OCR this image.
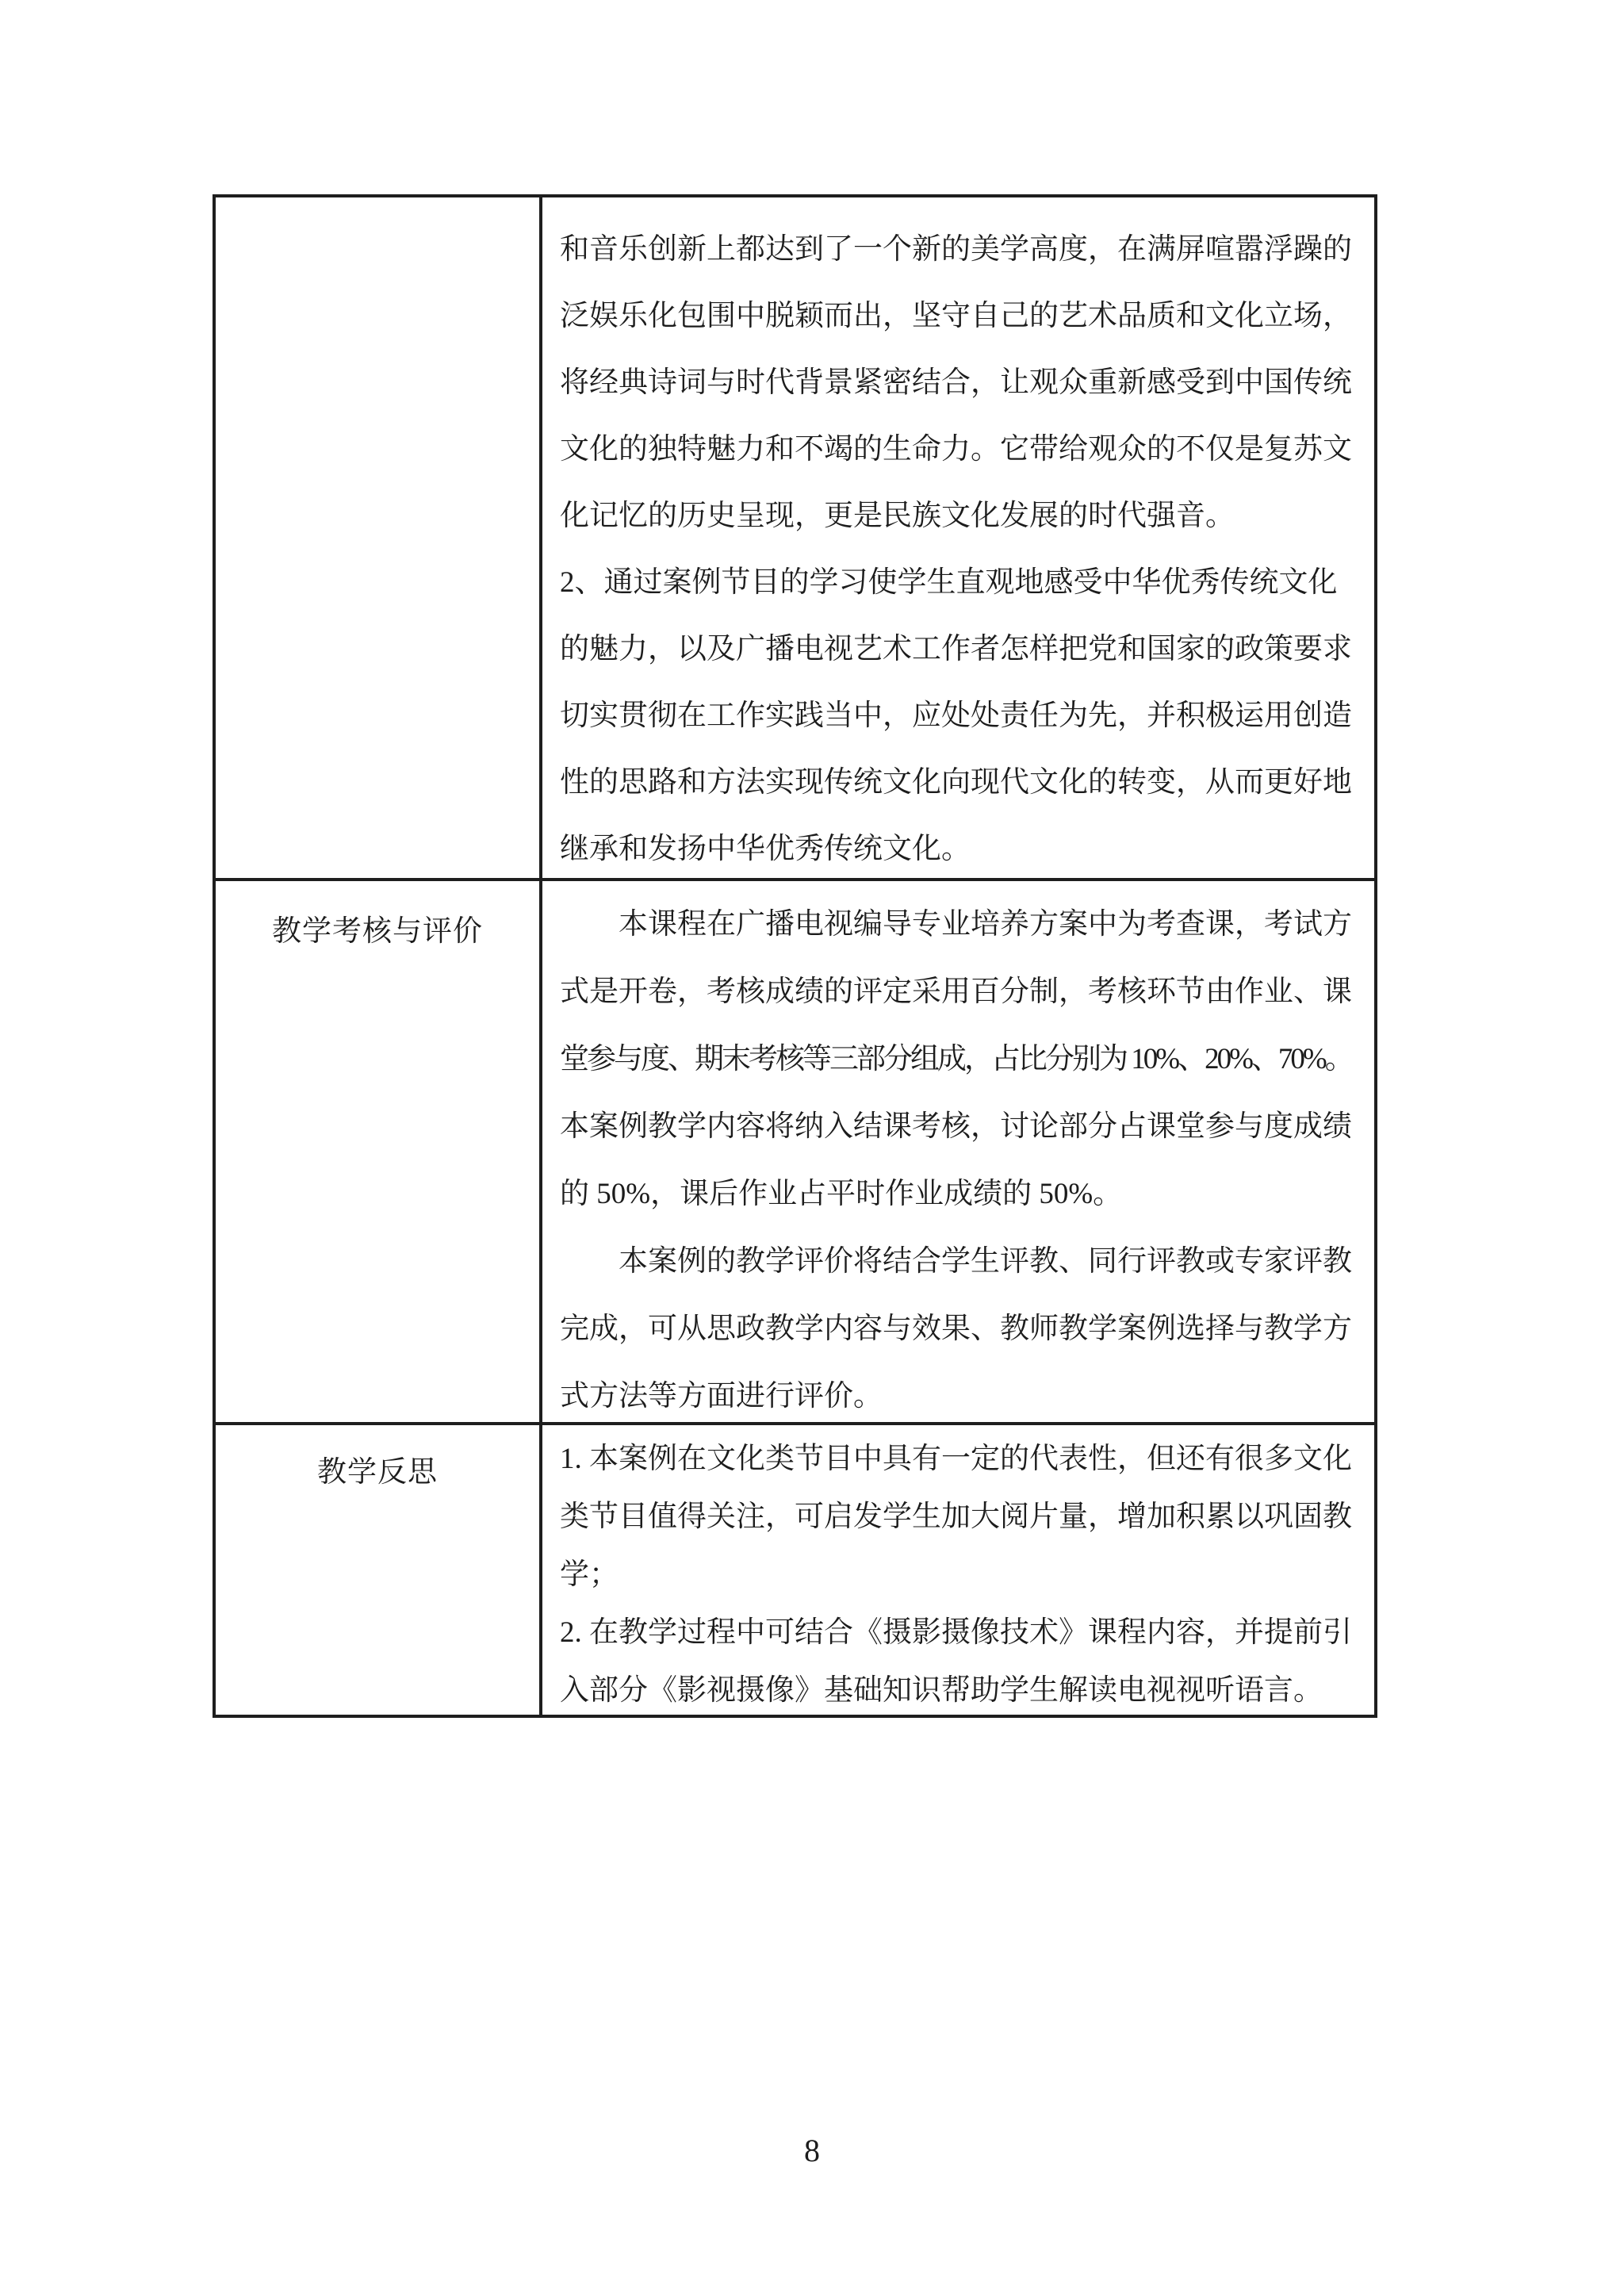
和音乐创新上都达到了一个新的美学高度，在满屏喧嚣浮躁的
泛娱乐化包围中脱颖而出，坚守自己的艺术品质和文化立场，
将经典诗词与时代背景紧密结合，让观众重新感受到中国传统
文化的独特魅力和不竭的生命力。它带给观众的不仅是复苏文
化记忆的历史呈现，更是民族文化发展的时代强音。
2、通过案例节目的学习使学生直观地感受中华优秀传统文化
的魅力，以及广播电视艺术工作者怎样把党和国家的政策要求
切实贯彻在工作实践当中，应处处责任为先，并积极运用创造
性的思路和方法实现传统文化向现代文化的转变，从而更好地
继承和发扬中华优秀传统文化。

教学考核与评价	本课程在广播电视编导专业培养方案中为考查课，考试方
式是开卷，考核成绩的评定采用百分制，考核环节由作业、课
堂参与度、期末考核等三部分组成，占比分别为 10%、20%、70%。
本案例教学内容将纳入结课考核，讨论部分占课堂参与度成绩
的 50%，课后作业占平时作业成绩的 50%。
本案例的教学评价将结合学生评教、同行评教或专家评教
完成，可从思政教学内容与效果、教师教学案例选择与教学方
式方法等方面进行评价。

教学反思	1. 本案例在文化类节目中具有一定的代表性，但还有很多文化
类节目值得关注，可启发学生加大阅片量，增加积累以巩固教
学；
2. 在教学过程中可结合《摄影摄像技术》课程内容，并提前引
入部分《影视摄像》基础知识帮助学生解读电视视听语言。
8
